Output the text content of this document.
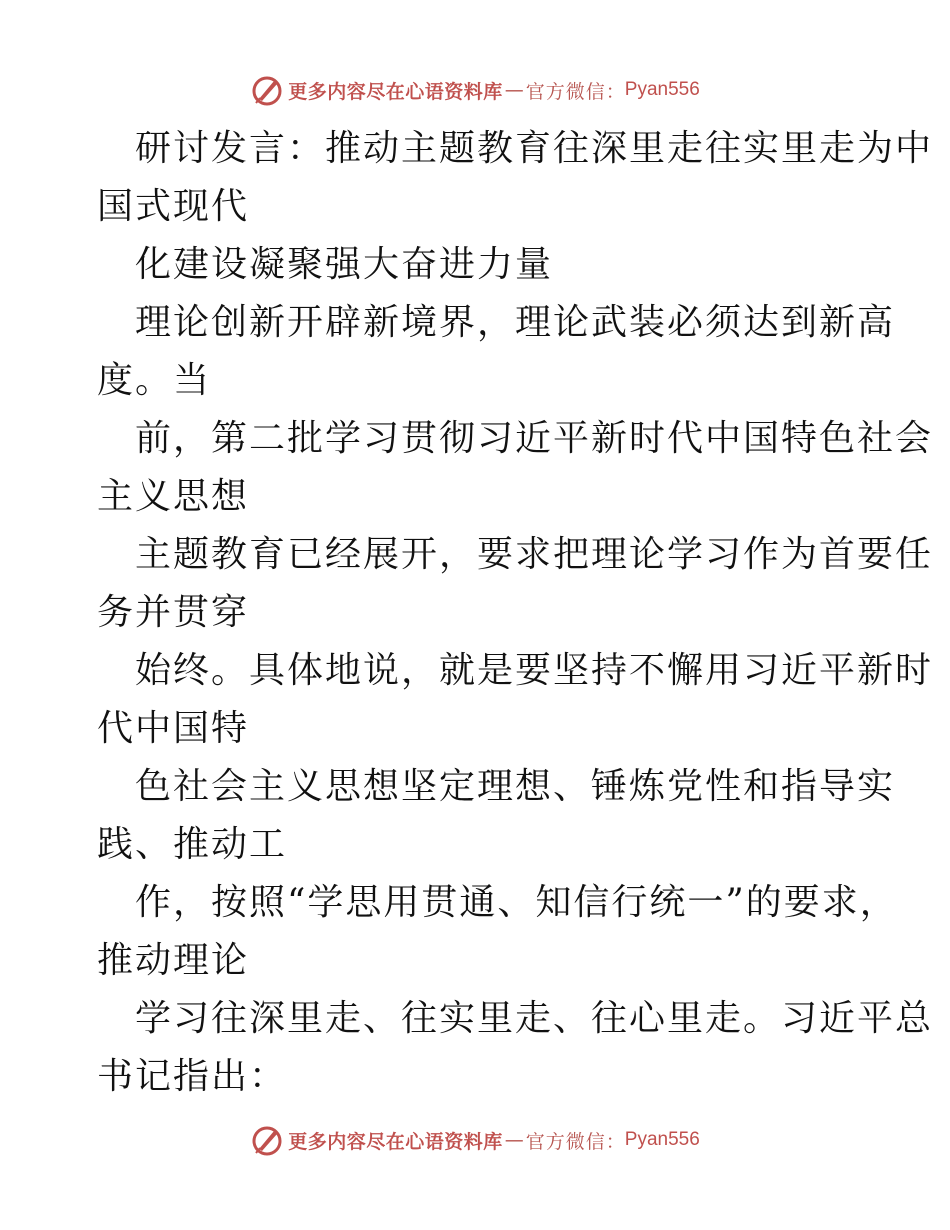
更多内容尽在心语资料库 — 官方微信 ： Pyan556
研讨发言：推动主题教育往深里走往实里走为中
国式现代
化建设凝聚强大奋进力量
理论创新开辟新境界，理论武装必须达到新高
度。当
前，第二批学习贯彻习近平新时代中国特色社会
主义思想
主题教育已经展开，要求把理论学习作为首要任
务并贯穿
始终。具体地说，就是要坚持不懈用习近平新时
代中国特
色社会主义思想坚定理想、锤炼党性和指导实
践、推动工
作，按照“学思用贯通、知信行统一”的要求，
推动理论
学习往深里走、往实里走、往心里走。习近平总
书记指出：
更多内容尽在心语资料库 — 官方微信 ： Pyan556
